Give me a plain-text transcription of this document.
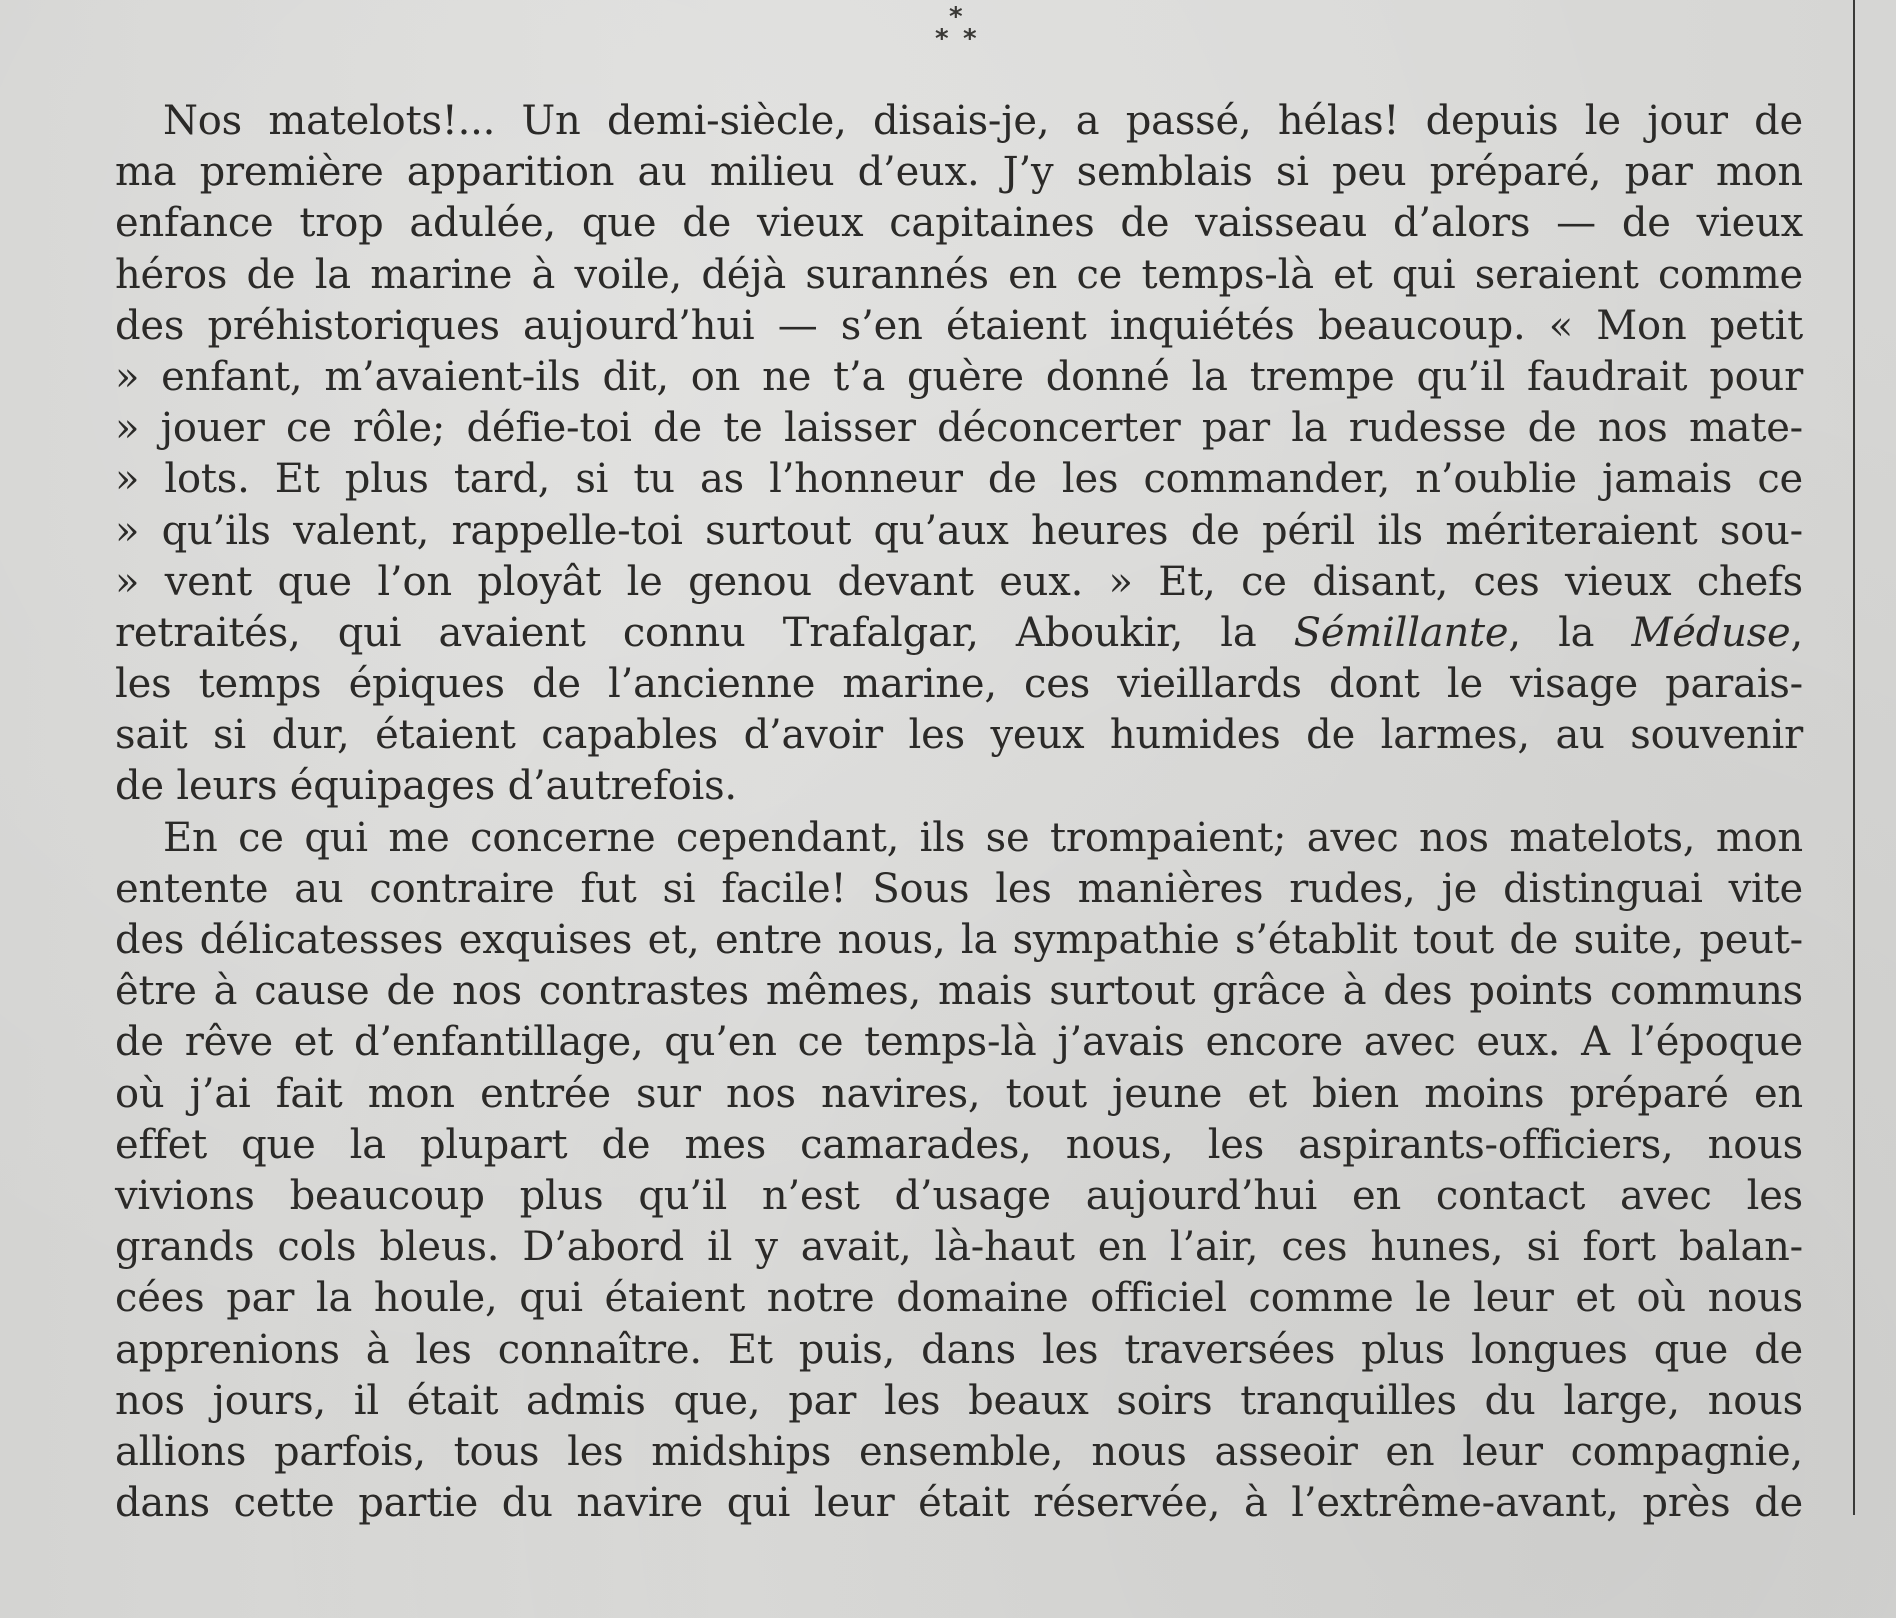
*
* *
Nos matelots!... Un demi-siècle, disais-je, a passé, hélas! depuis le jour de
ma première apparition au milieu d’eux. J’y semblais si peu préparé, par mon
enfance trop adulée, que de vieux capitaines de vaisseau d’alors — de vieux
héros de la marine à voile, déjà surannés en ce temps-là et qui seraient comme
des préhistoriques aujourd’hui — s’en étaient inquiétés beaucoup. « Mon petit
» enfant, m’avaient-ils dit, on ne t’a guère donné la trempe qu’il faudrait pour
» jouer ce rôle; défie-toi de te laisser déconcerter par la rudesse de nos mate-
» lots. Et plus tard, si tu as l’honneur de les commander, n’oublie jamais ce
» qu’ils valent, rappelle-toi surtout qu’aux heures de péril ils mériteraient sou-
» vent que l’on ployât le genou devant eux. » Et, ce disant, ces vieux chefs
retraités, qui avaient connu Trafalgar, Aboukir, la Sémillante, la Méduse,
les temps épiques de l’ancienne marine, ces vieillards dont le visage parais-
sait si dur, étaient capables d’avoir les yeux humides de larmes, au souvenir
de leurs équipages d’autrefois.
En ce qui me concerne cependant, ils se trompaient; avec nos matelots, mon
entente au contraire fut si facile! Sous les manières rudes, je distinguai vite
des délicatesses exquises et, entre nous, la sympathie s’établit tout de suite, peut-
être à cause de nos contrastes mêmes, mais surtout grâce à des points communs
de rêve et d’enfantillage, qu’en ce temps-là j’avais encore avec eux. A l’époque
où j’ai fait mon entrée sur nos navires, tout jeune et bien moins préparé en
effet que la plupart de mes camarades, nous, les aspirants-officiers, nous
vivions beaucoup plus qu’il n’est d’usage aujourd’hui en contact avec les
grands cols bleus. D’abord il y avait, là-haut en l’air, ces hunes, si fort balan-
cées par la houle, qui étaient notre domaine officiel comme le leur et où nous
apprenions à les connaître. Et puis, dans les traversées plus longues que de
nos jours, il était admis que, par les beaux soirs tranquilles du large, nous
allions parfois, tous les midships ensemble, nous asseoir en leur compagnie,
dans cette partie du navire qui leur était réservée, à l’extrême-avant, près de
